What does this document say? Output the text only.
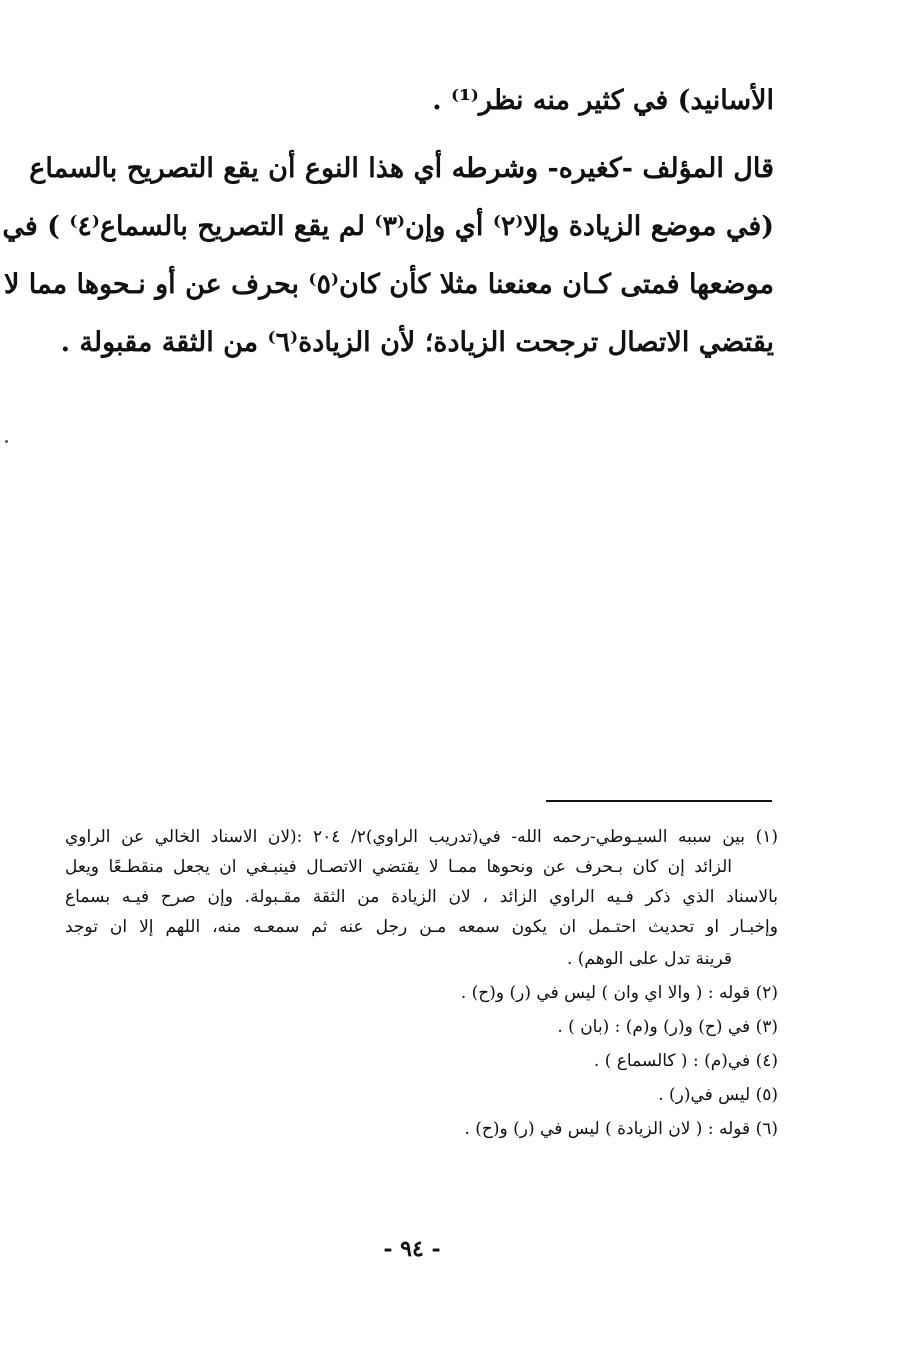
الأسانيد) في كثير منه نظر⁽¹⁾ .
قال المؤلف -كغيره- وشرطه أي هذا النوع أن يقع التصريح بالسماع
(في موضع الزيادة وإلا⁽٢⁾ أي وإن⁽٣⁾ لم يقع التصريح بالسماع⁽٤⁾ ) في
موضعها فمتى كـان معنعنا مثلا كأن كان⁽٥⁾ بحرف عن أو نـحوها مما لا
يقتضي الاتصال ترجحت الزيادة؛ لأن الزيادة⁽٦⁾ من الثقة مقبولة .
(١) بين سببه السيـوطي-رحمه الله- في(تدريب الراوي)٢/ ٢٠٤ :(لان الاسناد الخالي عن الراوي
الزائد إن كان بـحرف عن ونحوها ممـا لا يقتضي الاتصـال فينبـغي ان يجعل منقطـعًا ويعل
بالاسناد الذي ذكر فـيه الراوي الزائد ، لان الزيادة من الثقة مقـبولة. وإن صرح فيـه بسماع
وإخبـار او تحديث احتـمل ان يكون سمعه مـن رجل عنه ثم سمعـه منه، اللهم إلا ان توجد
قرينة تدل على الوهم) .
(٢) قوله : ( والا اي وان ) ليس في (ر) و(ح) .
(٣) في (ح) و(ر) و(م) : (بان ) .
(٤) في(م) : ( كالسماع ) .
(٥) ليس في(ر) .
(٦) قوله : ( لان الزيادة ) ليس في (ر) و(ح) .
- ٩٤ -
